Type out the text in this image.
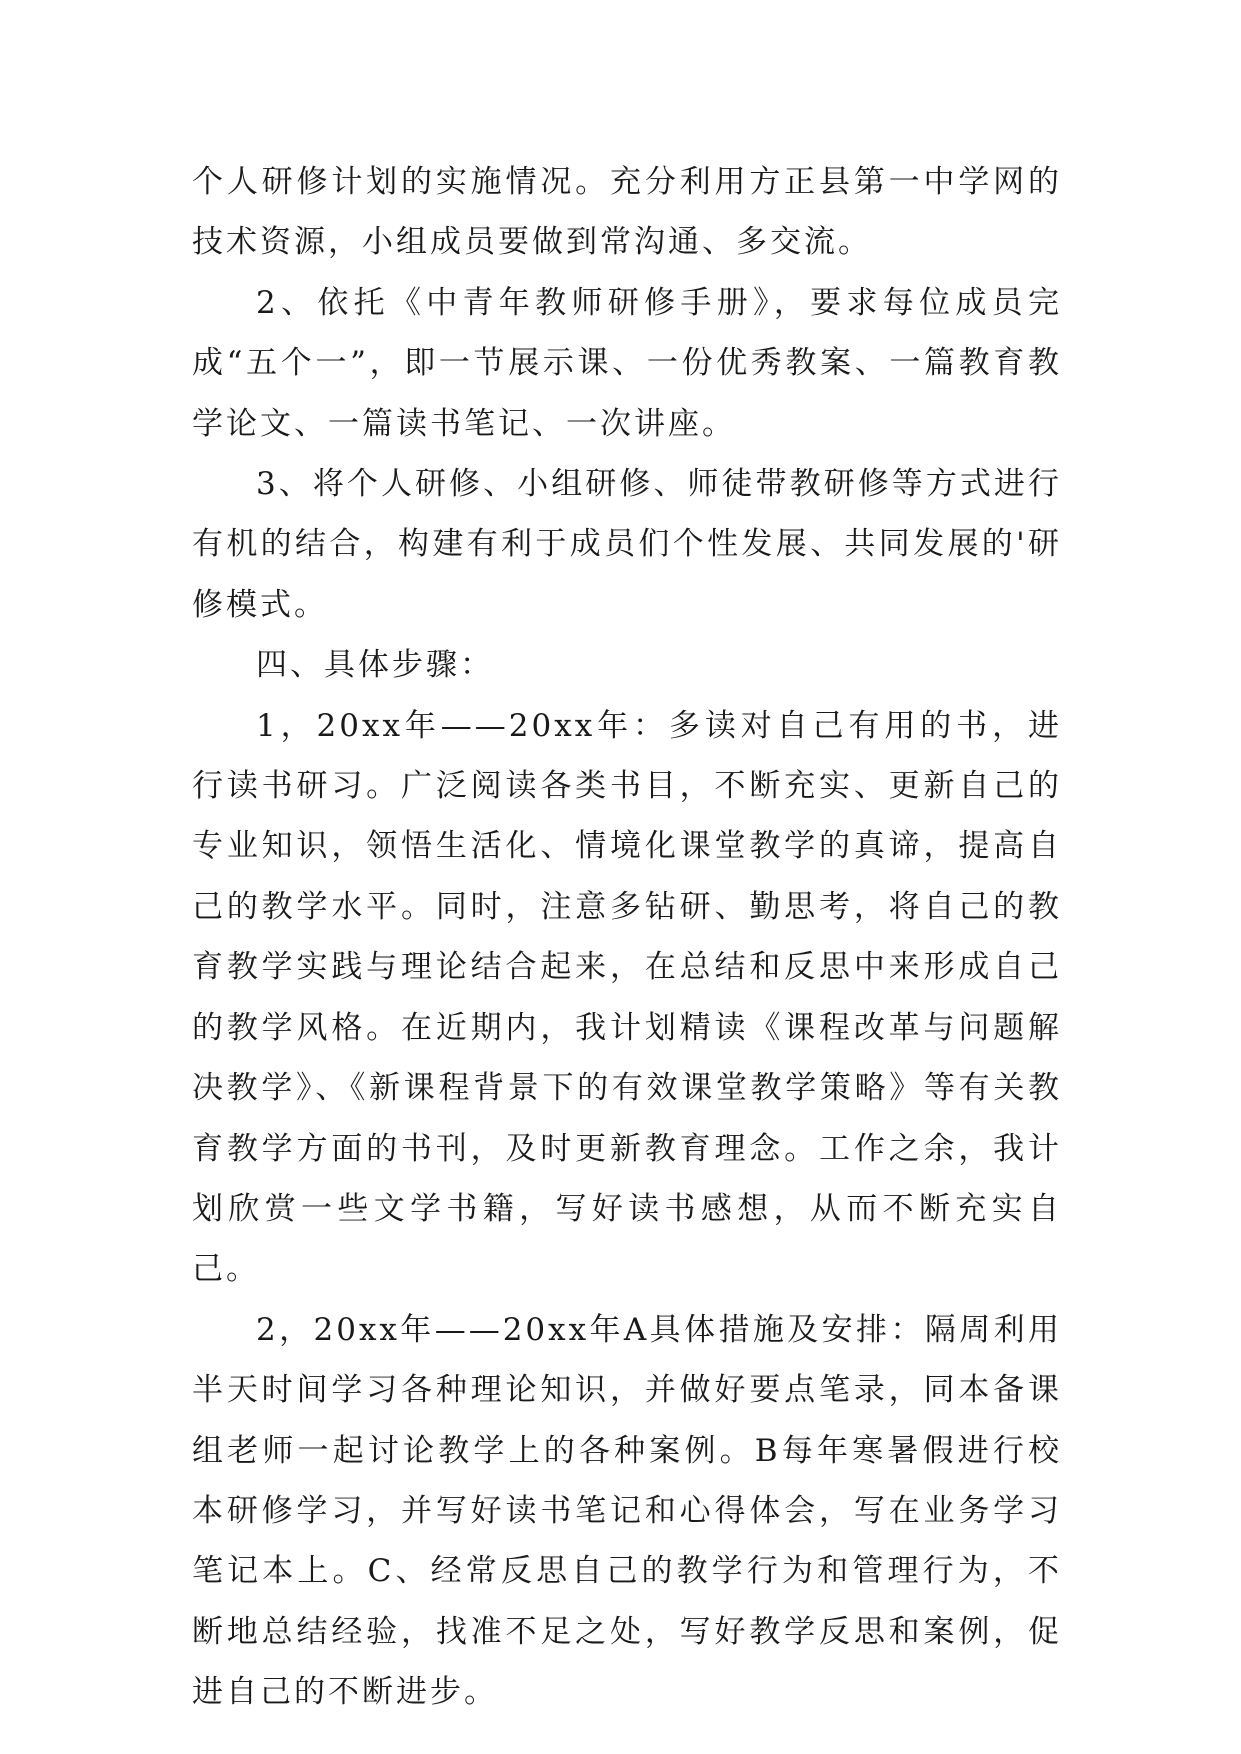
个人研修计划的实施情况。充分利用方正县第一中学网的技术资源，小组成员要做到常沟通、多交流。

2、依托《中青年教师研修手册》，要求每位成员完成“五个一”，即一节展示课、一份优秀教案、一篇教育教学论文、一篇读书笔记、一次讲座。

3、将个人研修、小组研修、师徒带教研修等方式进行有机的结合，构建有利于成员们个性发展、共同发展的'研修模式。

四、具体步骤：

1，20xx年——20xx年：多读对自己有用的书，进行读书研习。广泛阅读各类书目，不断充实、更新自己的专业知识，领悟生活化、情境化课堂教学的真谛，提高自己的教学水平。同时，注意多钻研、勤思考，将自己的教育教学实践与理论结合起来，在总结和反思中来形成自己的教学风格。在近期内，我计划精读《课程改革与问题解决教学》、《新课程背景下的有效课堂教学策略》等有关教育教学方面的书刊，及时更新教育理念。工作之余，我计划欣赏一些文学书籍，写好读书感想，从而不断充实自己。

2，20xx年——20xx年A具体措施及安排：隔周利用半天时间学习各种理论知识，并做好要点笔录，同本备课组老师一起讨论教学上的各种案例。B每年寒暑假进行校本研修学习，并写好读书笔记和心得体会，写在业务学习笔记本上。C、经常反思自己的教学行为和管理行为，不断地总结经验，找准不足之处，写好教学反思和案例，促进自己的不断进步。
